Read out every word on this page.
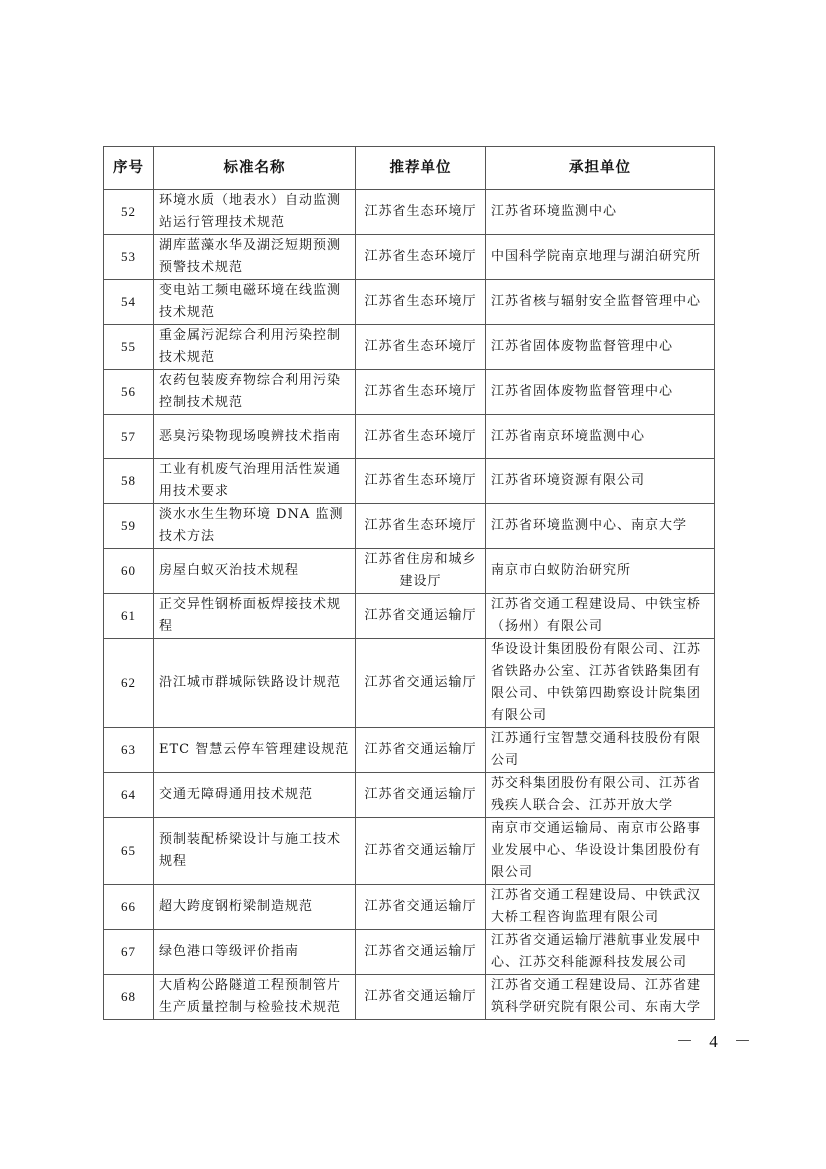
序号	标准名称	推荐单位	承担单位
52	环境水质（地表水）自动监测站运行管理技术规范	江苏省生态环境厅	江苏省环境监测中心
53	湖库蓝藻水华及湖泛短期预测预警技术规范	江苏省生态环境厅	中国科学院南京地理与湖泊研究所
54	变电站工频电磁环境在线监测技术规范	江苏省生态环境厅	江苏省核与辐射安全监督管理中心
55	重金属污泥综合利用污染控制技术规范	江苏省生态环境厅	江苏省固体废物监督管理中心
56	农药包装废弃物综合利用污染控制技术规范	江苏省生态环境厅	江苏省固体废物监督管理中心
57	恶臭污染物现场嗅辨技术指南	江苏省生态环境厅	江苏省南京环境监测中心
58	工业有机废气治理用活性炭通用技术要求	江苏省生态环境厅	江苏省环境资源有限公司
59	淡水水生生物环境 DNA 监测技术方法	江苏省生态环境厅	江苏省环境监测中心、南京大学
60	房屋白蚁灭治技术规程	江苏省住房和城乡建设厅	南京市白蚁防治研究所
61	正交异性钢桥面板焊接技术规程	江苏省交通运输厅	江苏省交通工程建设局、中铁宝桥（扬州）有限公司
62	沿江城市群城际铁路设计规范	江苏省交通运输厅	华设设计集团股份有限公司、江苏省铁路办公室、江苏省铁路集团有限公司、中铁第四勘察设计院集团有限公司
63	ETC 智慧云停车管理建设规范	江苏省交通运输厅	江苏通行宝智慧交通科技股份有限公司
64	交通无障碍通用技术规范	江苏省交通运输厅	苏交科集团股份有限公司、江苏省残疾人联合会、江苏开放大学
65	预制装配桥梁设计与施工技术规程	江苏省交通运输厅	南京市交通运输局、南京市公路事业发展中心、华设设计集团股份有限公司
66	超大跨度钢桁梁制造规范	江苏省交通运输厅	江苏省交通工程建设局、中铁武汉大桥工程咨询监理有限公司
67	绿色港口等级评价指南	江苏省交通运输厅	江苏省交通运输厅港航事业发展中心、江苏交科能源科技发展公司
68	大盾构公路隧道工程预制管片生产质量控制与检验技术规范	江苏省交通运输厅	江苏省交通工程建设局、江苏省建筑科学研究院有限公司、东南大学
－ 4 －
